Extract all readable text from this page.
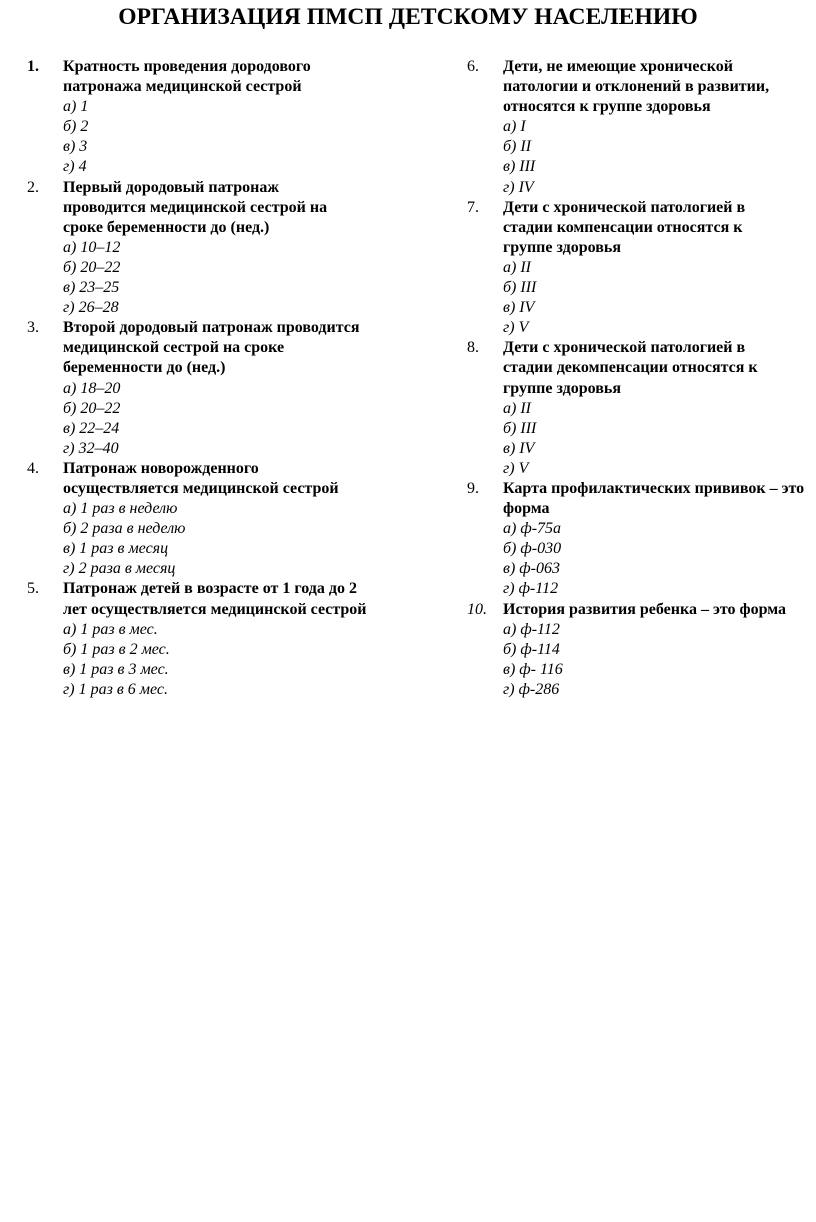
ОРГАНИЗАЦИЯ ПМСП ДЕТСКОМУ НАСЕЛЕНИЮ
1. Кратность проведения дородового патронажа медицинской сестрой
а) 1
б) 2
в) 3
г) 4
2. Первый дородовый патронаж проводится медицинской сестрой на сроке беременности до (нед.)
а) 10–12
б) 20–22
в) 23–25
г) 26–28
3. Второй дородовый патронаж проводится медицинской сестрой на сроке беременности до (нед.)
а) 18–20
б) 20–22
в) 22–24
г) 32–40
4. Патронаж новорожденного осуществляется медицинской сестрой
а) 1 раз в неделю
б) 2 раза в неделю
в) 1 раз в месяц
г) 2 раза в месяц
5. Патронаж детей в возрасте от 1 года до 2 лет осуществляется медицинской сестрой
а) 1 раз в мес.
б) 1 раз в 2 мес.
в) 1 раз в 3 мес.
г) 1 раз в 6 мес.
6. Дети, не имеющие хронической патологии и отклонений в развитии, относятся к группе здоровья
а) I
б) II
в) III
г) IV
7. Дети с хронической патологией в стадии компенсации относятся к группе здоровья
а) II
б) III
в) IV
г) V
8. Дети с хронической патологией в стадии декомпенсации относятся к группе здоровья
а) II
б) III
в) IV
г) V
9. Карта профилактических прививок – это форма
а) ф-75а
б) ф-030
в) ф-063
г) ф-112
10. История развития ребенка – это форма
а) ф-112
б) ф-114
в) ф- 116
г) ф-286
